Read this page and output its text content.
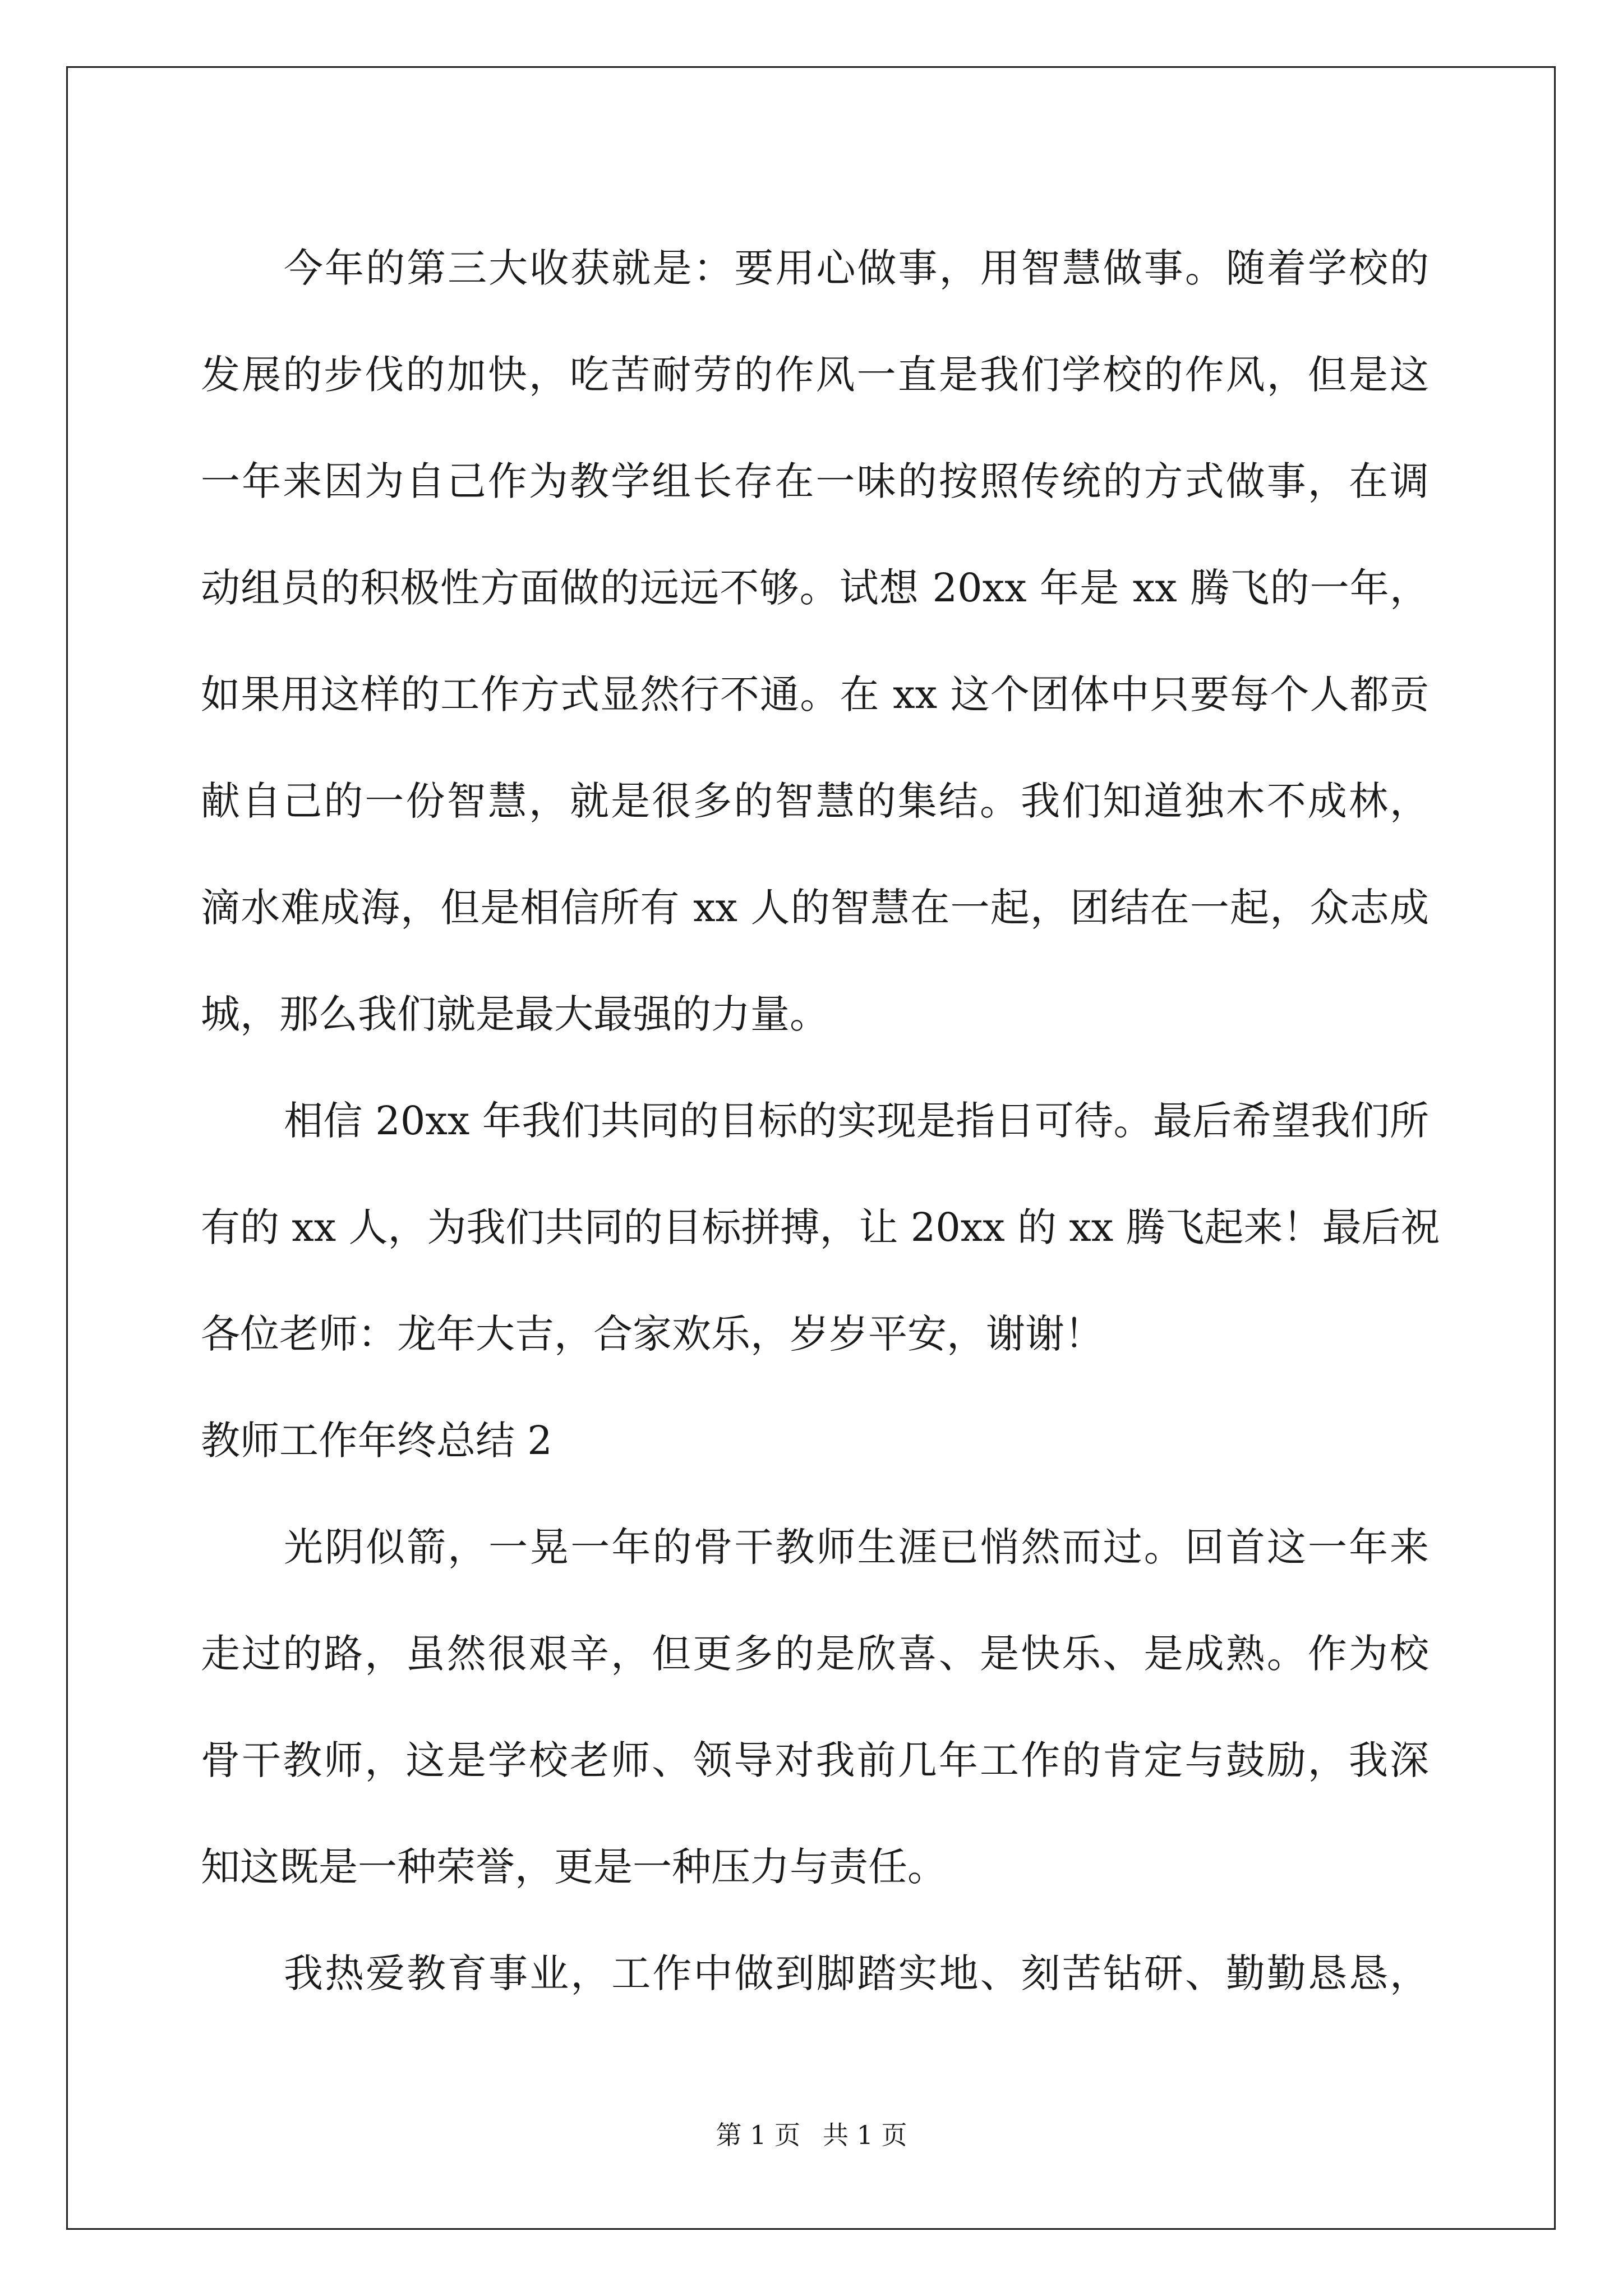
今年的第三大收获就是：要用心做事，用智慧做事。随着学校的
发展的步伐的加快，吃苦耐劳的作风一直是我们学校的作风，但是这
一年来因为自己作为教学组长存在一味的按照传统的方式做事，在调
动组员的积极性方面做的远远不够。试想 20xx 年是 xx 腾飞的一年，
如果用这样的工作方式显然行不通。在 xx 这个团体中只要每个人都贡
献自己的一份智慧，就是很多的智慧的集结。我们知道独木不成林，
滴水难成海，但是相信所有 xx 人的智慧在一起，团结在一起，众志成
城，那么我们就是最大最强的力量。
相信 20xx 年我们共同的目标的实现是指日可待。最后希望我们所
有的 xx 人，为我们共同的目标拼搏，让 20xx 的 xx 腾飞起来！最后祝
各位老师：龙年大吉，合家欢乐，岁岁平安，谢谢！
教师工作年终总结 2
光阴似箭，一晃一年的骨干教师生涯已悄然而过。回首这一年来
走过的路，虽然很艰辛，但更多的是欣喜、是快乐、是成熟。作为校
骨干教师，这是学校老师、领导对我前几年工作的肯定与鼓励，我深
知这既是一种荣誉，更是一种压力与责任。
我热爱教育事业，工作中做到脚踏实地、刻苦钻研、勤勤恳恳，
第 1 页 共 1 页
